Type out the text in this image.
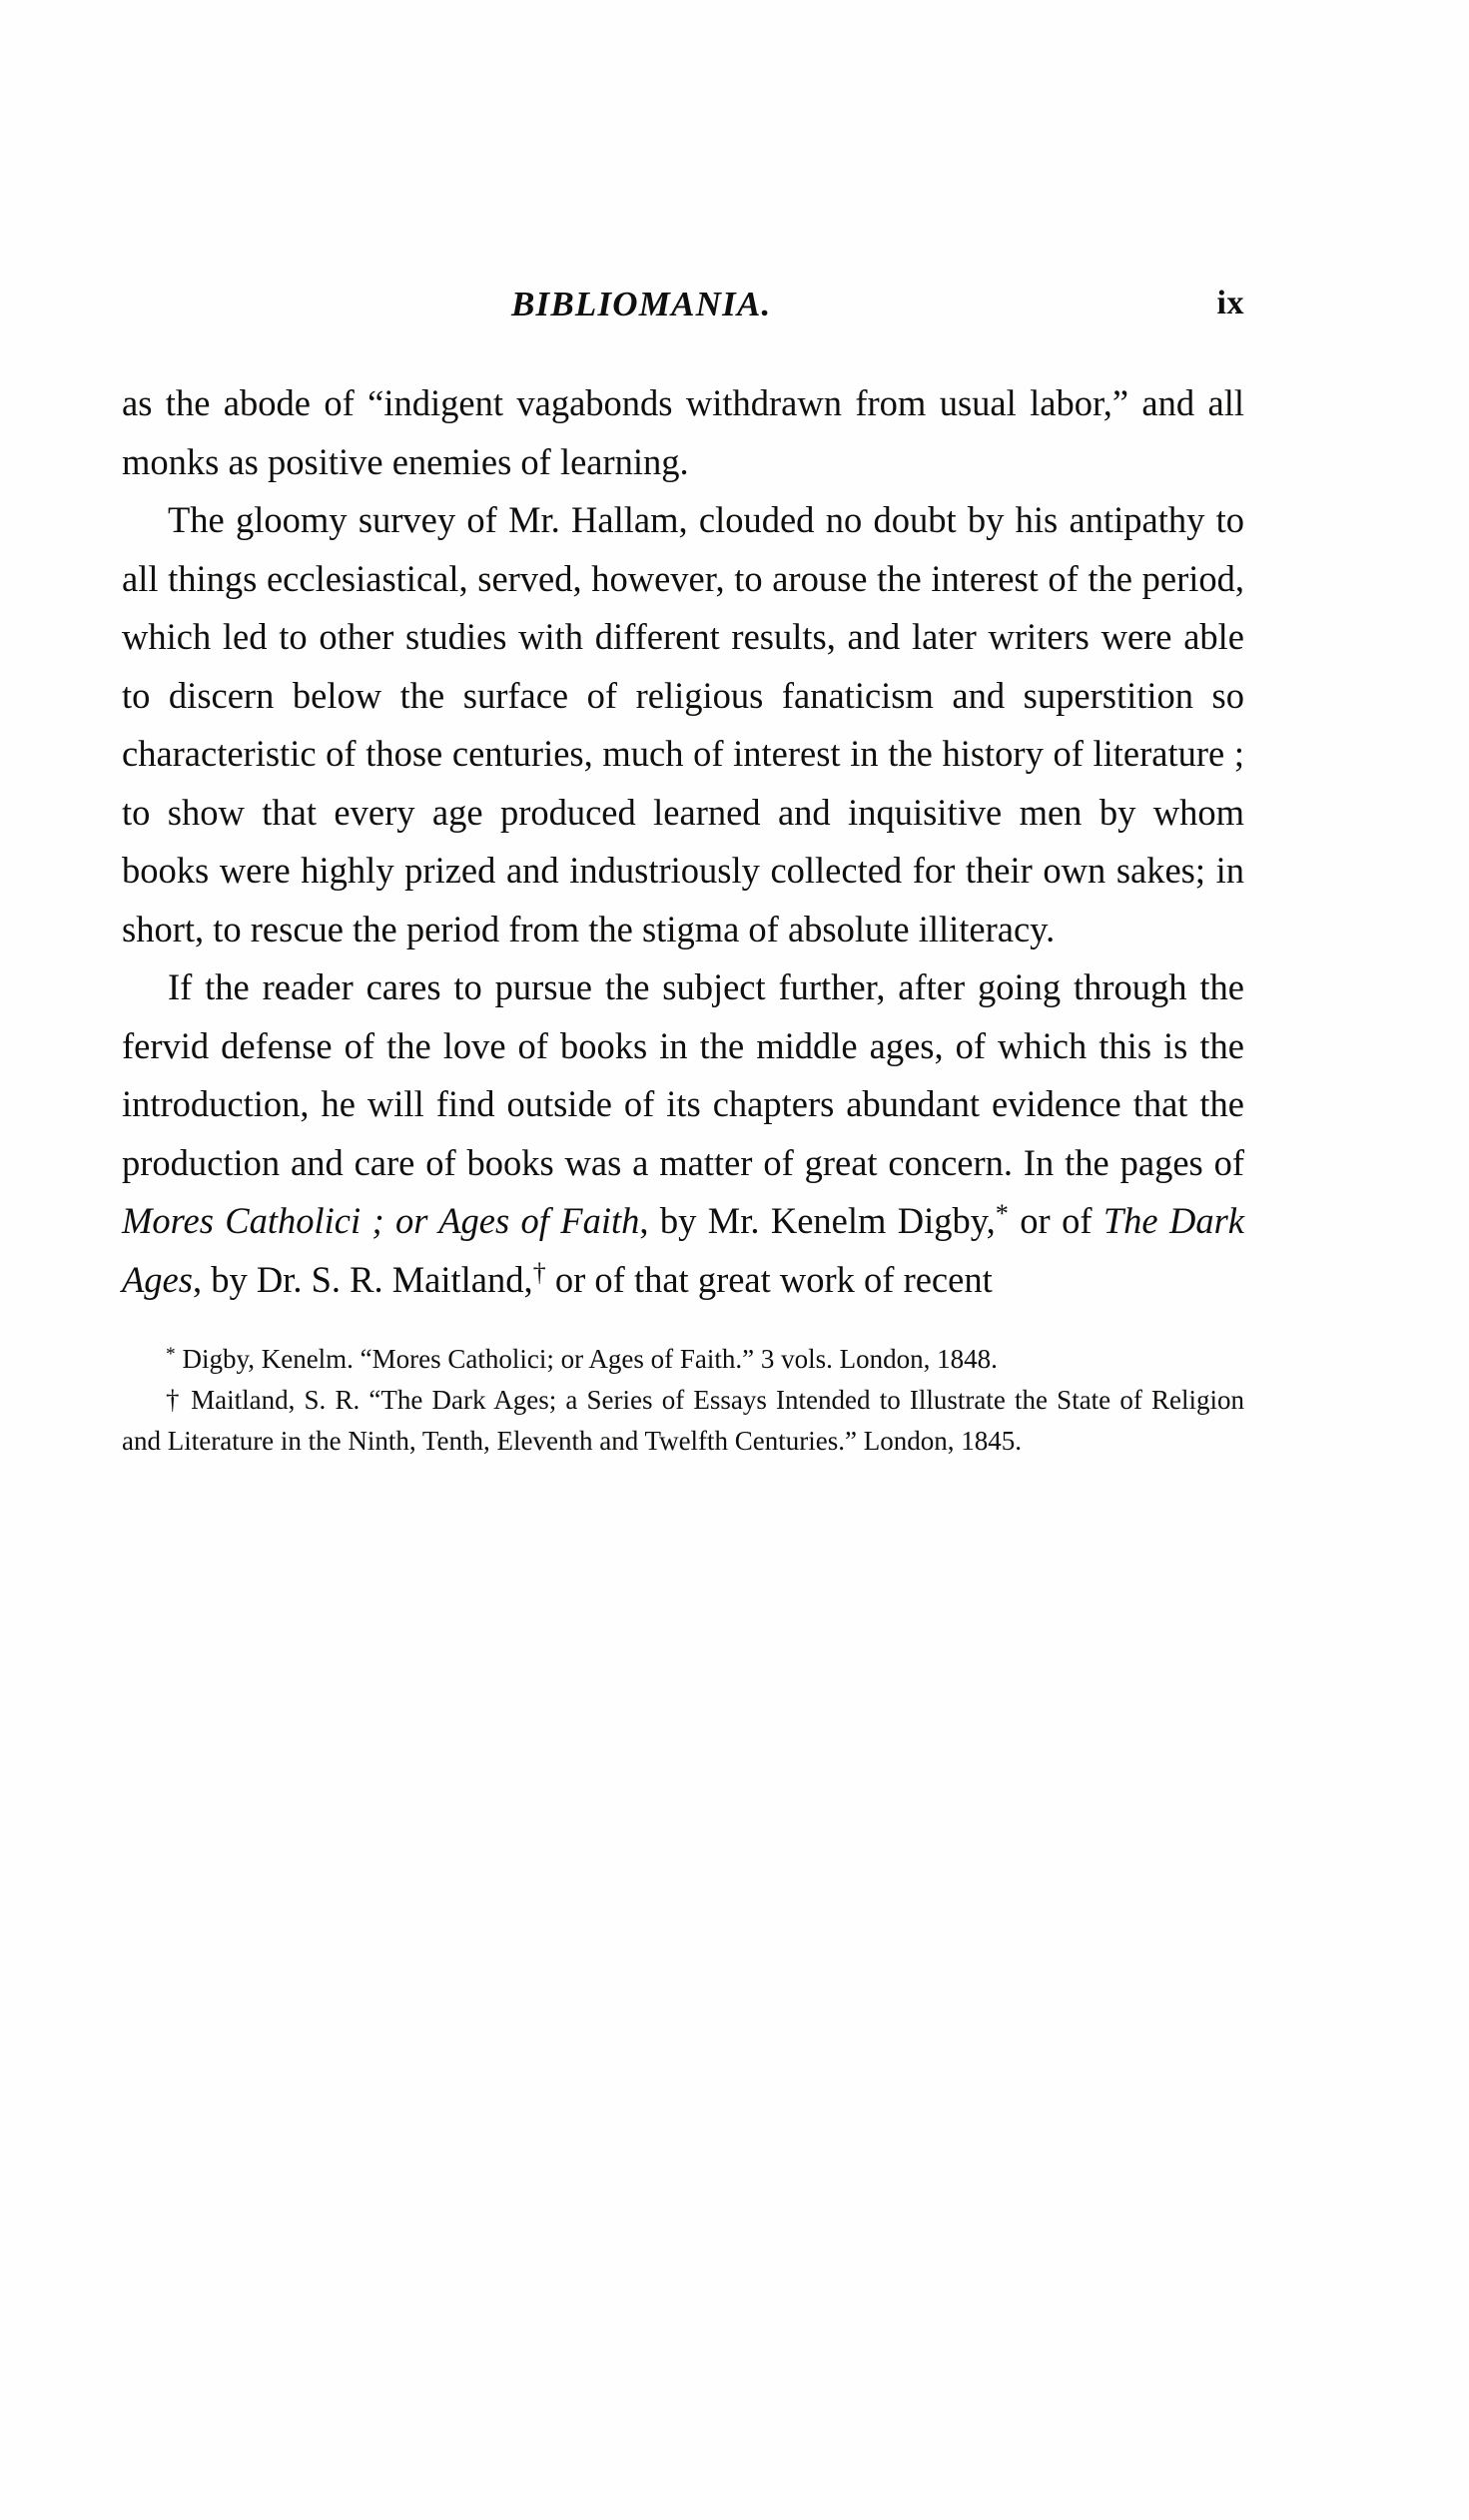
BIBLIOMANIA.	ix

as the abode of “indigent vagabonds withdrawn from usual labor,” and all monks as positive enemies of learning.

The gloomy survey of Mr. Hallam, clouded no doubt by his antipathy to all things ecclesiastical, served, however, to arouse the interest of the period, which led to other studies with different results, and later writers were able to discern below the surface of religious fanaticism and superstition so characteristic of those centuries, much of interest in the history of literature ; to show that every age produced learned and inquisitive men by whom books were highly prized and industriously collected for their own sakes; in short, to rescue the period from the stigma of absolute illiteracy.

If the reader cares to pursue the subject further, after going through the fervid defense of the love of books in the middle ages, of which this is the introduction, he will find outside of its chapters abundant evidence that the production and care of books was a matter of great concern. In the pages of Mores Catholici ; or Ages of Faith, by Mr. Kenelm Digby,* or of The Dark Ages, by Dr. S. R. Maitland,† or of that great work of recent

* Digby, Kenelm. “Mores Catholici; or Ages of Faith.” 3 vols. London, 1848.

† Maitland, S. R. “The Dark Ages; a Series of Essays Intended to Illustrate the State of Religion and Literature in the Ninth, Tenth, Eleventh and Twelfth Centuries.” London, 1845.
